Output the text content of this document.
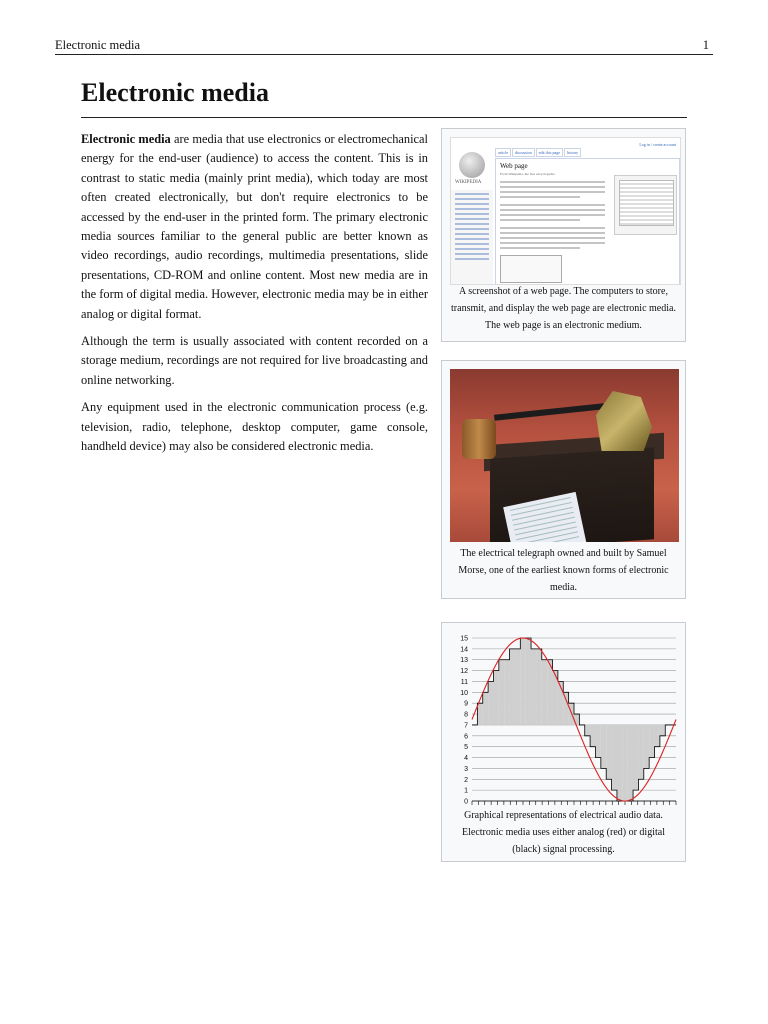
Electronic media	1
Electronic media

Electronic media are media that use electronics or electromechanical energy for the end-user (audience) to access the content. This is in contrast to static media (mainly print media), which today are most often created electronically, but don't require electronics to be accessed by the end-user in the printed form. The primary electronic media sources familiar to the general public are better known as video recordings, audio recordings, multimedia presentations, slide presentations, CD-ROM and online content. Most new media are in the form of digital media. However, electronic media may be in either analog or digital format.

Although the term is usually associated with content recorded on a storage medium, recordings are not required for live broadcasting and online networking.

Any equipment used in the electronic communication process (e.g. television, radio, telephone, desktop computer, game console, handheld device) may also be considered electronic media.

WIKIPEDIA
Log in / create account
article discussion edit this page history
Web page
From Wikipedia, the free encyclopedia
A screenshot of a web page. The computers to store, transmit, and display the web page are electronic media. The web page is an electronic medium.
The electrical telegraph owned and built by Samuel Morse, one of the earliest known forms of electronic media.
0
1
2
3
4
5
6
7
8
9
10
11
12
13
14
15
Graphical representations of electrical audio data. Electronic media uses either analog (red) or digital (black) signal processing.
